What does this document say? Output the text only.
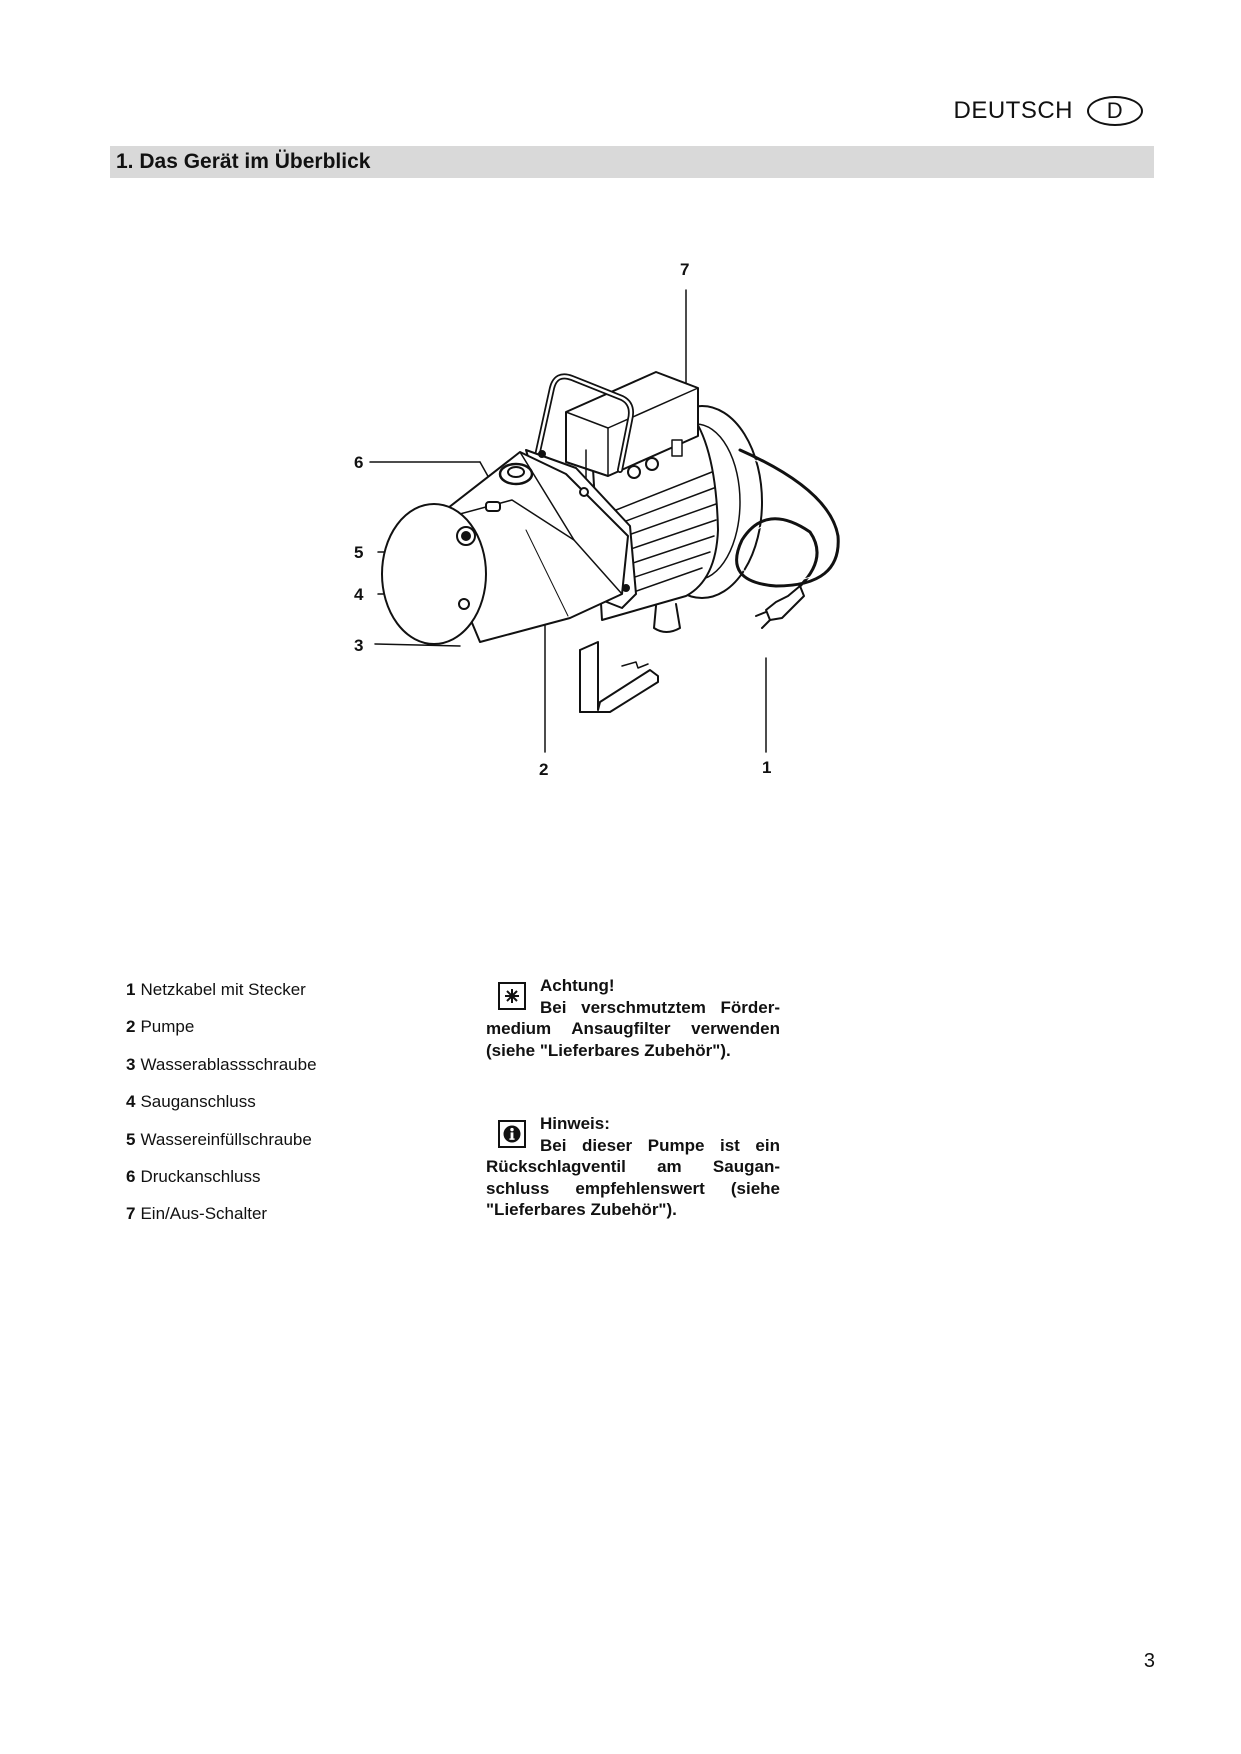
DEUTSCH	D
1. Das Gerät im Überblick
7
6
5
4
3
2	1
1 Netzkabel mit Stecker
2 Pumpe
3 Wasserablassschraube
4 Sauganschluss
5 Wassereinfüllschraube
6 Druckanschluss
7 Ein/Aus-Schalter
Achtung!
Bei verschmutztem Förder- medium Ansaugfilter verwenden (siehe "Lieferbares Zubehör").
Hinweis:
Bei dieser Pumpe ist ein Rückschlagventil am Saugan-schluss empfehlenswert (siehe "Lieferbares Zubehör").
3
